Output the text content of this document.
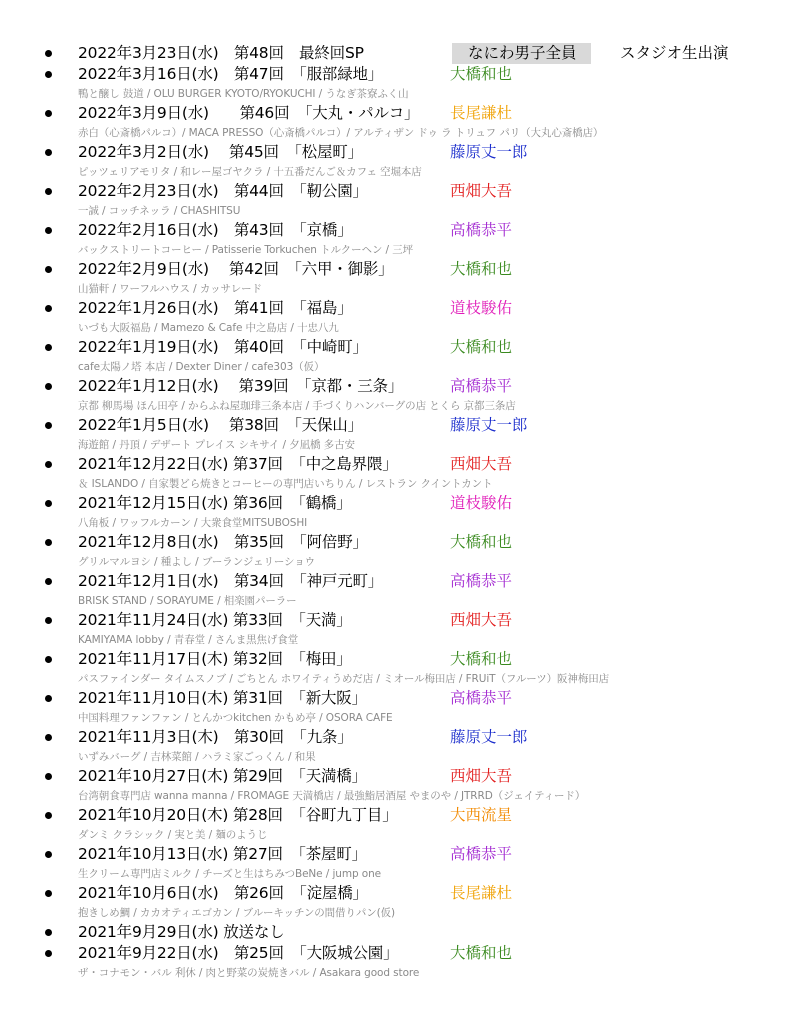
2022年3月23日(水)　第48回　最終回SP	なにわ男子全員	スタジオ生出演
2022年3月16日(水)　第47回　「服部緑地」	大橋和也
鴨と醸し 鼓道 / OLU BURGER KYOTO/RYOKUCHI / うなぎ茶寮ふく山
2022年3月9日(水)　　第46回　「大丸・パルコ」 長尾謙杜
赤白（心斎橋パルコ）/ MACA PRESSO（心斎橋パルコ）/ アルティザン ドゥ ラ トリュフ パリ（大丸心斎橋店）
2022年3月2日(水)　 第45回　「松屋町」	藤原丈一郎
ピッツェリアモリタ / 和レー屋ゴヤクラ / 十五番だんご＆カフェ 空堀本店
2022年2月23日(水)　第44回　「靭公園」	西畑大吾
一誠 / コッチネッラ / CHASHITSU
2022年2月16日(水)　第43回　「京橋」	高橋恭平
バックストリートコーヒー / Patisserie Torkuchen トルクーヘン / 三坪
2022年2月9日(水)　 第42回　「六甲・御影」	大橋和也
山猫軒 / ワーフルハウス / カッサレード
2022年1月26日(水)　第41回　「福島」	道枝駿佑
いづも大阪福島 / Mamezo & Cafe 中之島店 / 十忠八九
2022年1月19日(水)　第40回　「中崎町」	大橋和也
cafe太陽ノ塔 本店 / Dexter Diner / cafe303（仮）
2022年1月12日(水)　 第39回　「京都・三条」	高橋恭平
京都 柳馬場 ほん田亭 / からふね屋珈琲三条本店 / 手づくりハンバーグの店 とくら 京都三条店
2022年1月5日(水)　 第38回　「天保山」	藤原丈一郎
海遊館 / 丹頂 / デザート プレイス シキサイ / 夕凪橋 多古安
2021年12月22日(水) 第37回　「中之島界隈」	西畑大吾
＆ ISLANDO / 自家製どら焼きとコーヒーの専門店いちりん / レストラン クイントカント
2021年12月15日(水) 第36回　「鶴橋」	道枝駿佑
八角板 / ワッフルカーン / 大衆食堂MITSUBOSHI
2021年12月8日(水)　第35回　「阿倍野」	大橋和也
グリルマルヨシ / 種よし / ブーランジェリーショウ
2021年12月1日(水)　第34回　「神戸元町」	高橋恭平
BRISK STAND / SORAYUME / 相楽園パーラー
2021年11月24日(水) 第33回　「天満」	西畑大吾
KAMIYAMA lobby / 青春堂 / さんま黒焦げ食堂
2021年11月17日(木) 第32回　「梅田」	大橋和也
パスファインダー タイムスノブ / ごちとん ホワイティうめだ店 / ミオール梅田店 / FRUiT（フルーツ）阪神梅田店
2021年11月10日(木) 第31回　「新大阪」	高橋恭平
中国料理ファンファン / とんかつkitchen かもめ亭 / OSORA CAFE
2021年11月3日(木)　第30回　「九条」	藤原丈一郎
いずみバーグ / 吉林菜館 / ハラミ家ごっくん / 和果
2021年10月27日(木) 第29回　「天満橋」	西畑大吾
台湾朝食専門店 wanna manna / FROMAGE 天満橋店 / 最強鮨居酒屋 やまのや / JTRRD（ジェイティード）
2021年10月20日(木) 第28回　「谷町九丁目」	大西流星
ダンミ クラシック / 実と美 / 麺のようじ
2021年10月13日(水) 第27回　「茶屋町」	高橋恭平
生クリーム専門店ミルク / チーズと生はちみつBeNe / jump one
2021年10月6日(水)　第26回　「淀屋橋」	長尾謙杜
抱きしめ鯛 / カカオティエゴカン / ブルーキッチンの間借りパン(仮)
2021年9月29日(水) 放送なし
2021年9月22日(水)　第25回　「大阪城公園」	大橋和也
ザ・コナモン・バル 利休 / 肉と野菜の炭焼きバル / Asakara good store
